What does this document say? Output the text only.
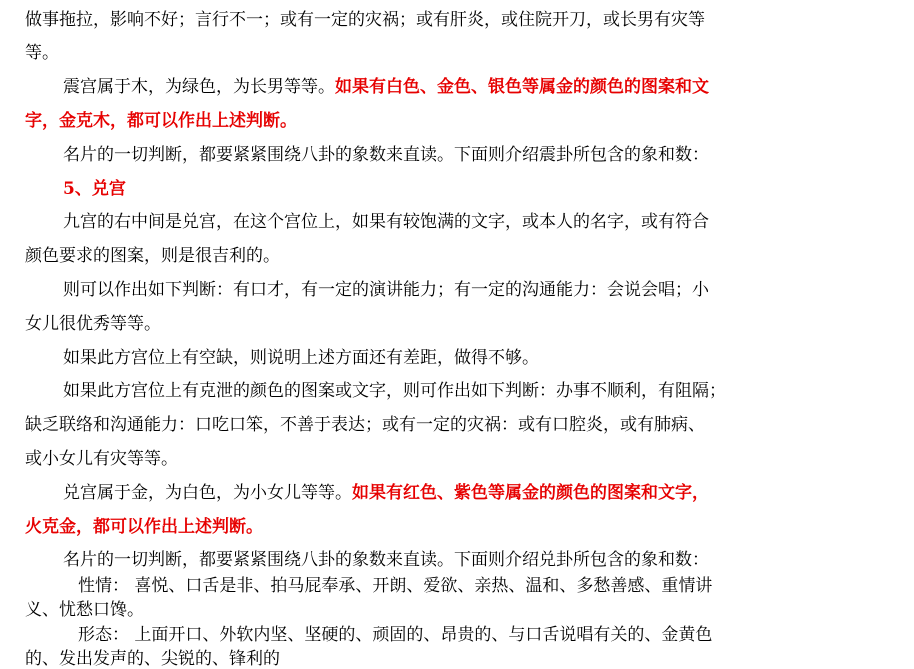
做事拖拉，影响不好；言行不一；或有一定的灾祸；或有肝炎，或住院开刀，或长男有灾等
等。
震宫属于木，为绿色，为长男等等。如果有白色、金色、银色等属金的颜色的图案和文
字，金克木，都可以作出上述判断。
名片的一切判断，都要紧紧围绕八卦的象数来直读。下面则介绍震卦所包含的象和数：
5、兑宫
九宫的右中间是兑宫，在这个宫位上，如果有较饱满的文字，或本人的名字，或有符合
颜色要求的图案，则是很吉利的。
则可以作出如下判断：有口才，有一定的演讲能力；有一定的沟通能力：会说会唱；小
女儿很优秀等等。
如果此方宫位上有空缺，则说明上述方面还有差距，做得不够。
如果此方宫位上有克泄的颜色的图案或文字，则可作出如下判断：办事不顺利，有阻隔；
缺乏联络和沟通能力：口吃口笨，不善于表达；或有一定的灾祸：或有口腔炎，或有肺病、
或小女儿有灾等等。
兑宫属于金，为白色，为小女儿等等。如果有红色、紫色等属金的颜色的图案和文字，
火克金，都可以作出上述判断。
名片的一切判断，都要紧紧围绕八卦的象数来直读。下面则介绍兑卦所包含的象和数：
性情： 喜悦、口舌是非、拍马屁奉承、开朗、爱欲、亲热、温和、多愁善感、重情讲
义、忧愁口馋。
形态： 上面开口、外软内坚、坚硬的、顽固的、昂贵的、与口舌说唱有关的、金黄色
的、发出发声的、尖锐的、锋利的
